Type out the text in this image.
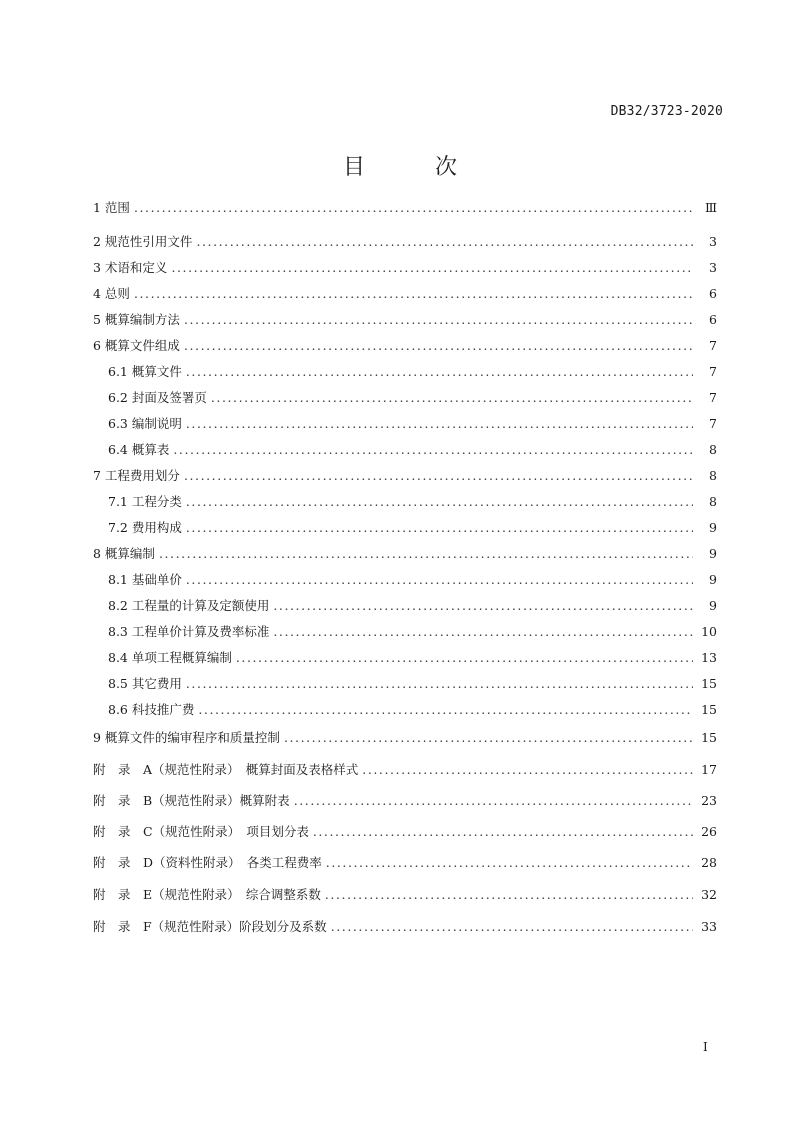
DB32/3723-2020
目　次
1 范围 . . .	Ⅲ
2 规范性引用文件 . . .	3
3 术语和定义 . . .	3
4 总则 . . .	6
5 概算编制方法 . . .	6
6 概算文件组成 . . .	7
6.1 概算文件 . . .	7
6.2 封面及签署页 . . .	7
6.3 编制说明 . . .	7
6.4 概算表 . . .	8
7 工程费用划分 . . .	8
7.1 工程分类 . . .	8
7.2 费用构成 . . .	9
8 概算编制 . . .	9
8.1 基础单价 . . .	9
8.2 工程量的计算及定额使用 . . .	9
8.3 工程单价计算及费率标准 . . .	10
8.4 单项工程概算编制 . . .	13
8.5 其它费用 . . .	15
8.6 科技推广费 . . .	15
9 概算文件的编审程序和质量控制 . . .	15
附　录　A（规范性附录）　概算封面及表格样式 . . .	17
附　录　B（规范性附录）概算附表 . . .	23
附　录　C（规范性附录）　项目划分表 . . .	26
附　录　D（资料性附录）　各类工程费率 . . .	28
附　录　E（规范性附录）　综合调整系数 . . .	32
附　录　F（规范性附录）阶段划分及系数 . . .	33
I
